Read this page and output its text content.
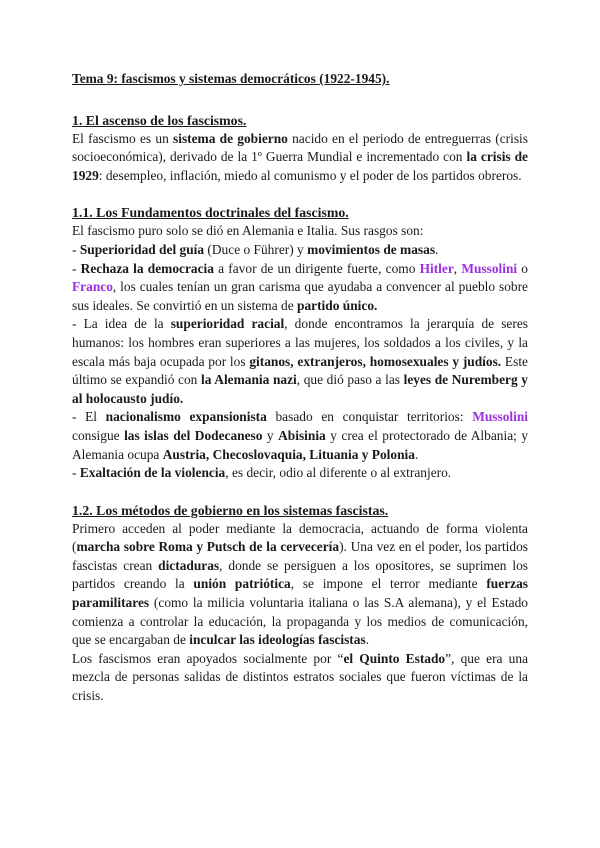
Tema 9: fascismos y sistemas democráticos (1922-1945).
1. El ascenso de los fascismos.

El fascismo es un sistema de gobierno nacido en el periodo de entreguerras (crisis socioeconómica), derivado de la 1º Guerra Mundial e incrementado con la crisis de 1929: desempleo, inflación, miedo al comunismo y el poder de los partidos obreros.

1.1. Los Fundamentos doctrinales del fascismo.

El fascismo puro solo se dió en Alemania e Italia. Sus rasgos son:

- Superioridad del guía (Duce o Führer) y movimientos de masas.

- Rechaza la democracia a favor de un dirigente fuerte, como Hitler, Mussolini o Franco, los cuales tenían un gran carisma que ayudaba a convencer al pueblo sobre sus ideales. Se convirtió en un sistema de partido único.

- La idea de la superioridad racial, donde encontramos la jerarquía de seres humanos: los hombres eran superiores a las mujeres, los soldados a los civiles, y la escala más baja ocupada por los gitanos, extranjeros, homosexuales y judíos. Este último se expandió con la Alemania nazi, que dió paso a las leyes de Nuremberg y al holocausto judío.

- El nacionalismo expansionista basado en conquistar territorios: Mussolini consigue las islas del Dodecaneso y Abisinia y crea el protectorado de Albania; y Alemania ocupa Austria, Checoslovaquia, Lituania y Polonia.

- Exaltación de la violencia, es decir, odio al diferente o al extranjero.

1.2. Los métodos de gobierno en los sistemas fascistas.

Primero acceden al poder mediante la democracia, actuando de forma violenta (marcha sobre Roma y Putsch de la cervecería). Una vez en el poder, los partidos fascistas crean dictaduras, donde se persiguen a los opositores, se suprimen los partidos creando la unión patriótica, se impone el terror mediante fuerzas paramilitares (como la milicia voluntaria italiana o las S.A alemana), y el Estado comienza a controlar la educación, la propaganda y los medios de comunicación, que se encargaban de inculcar las ideologías fascistas.

Los fascismos eran apoyados socialmente por “el Quinto Estado”, que era una mezcla de personas salidas de distintos estratos sociales que fueron víctimas de la crisis.
